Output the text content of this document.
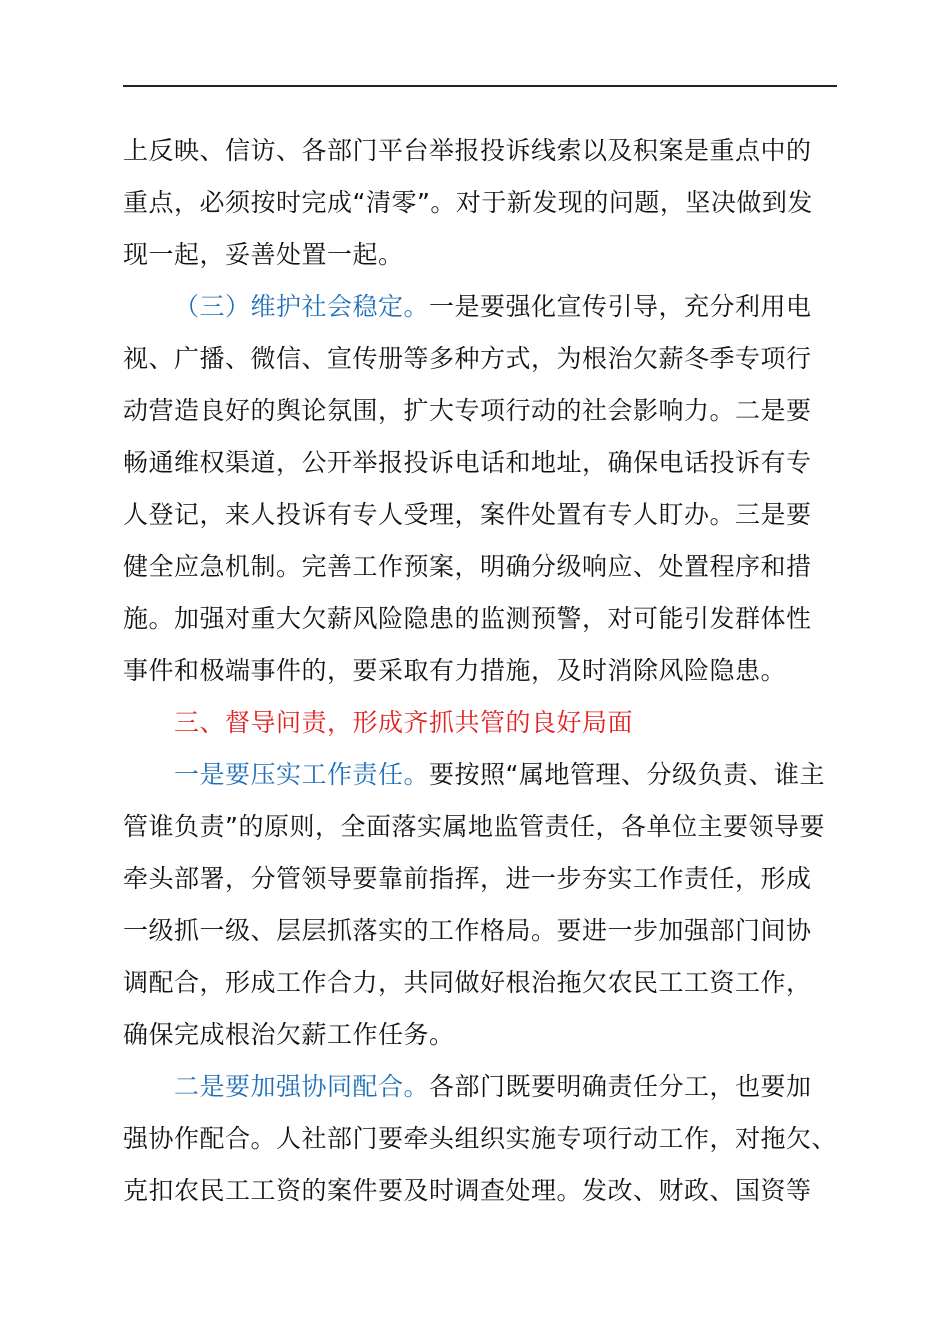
上反映、信访、各部门平台举报投诉线索以及积案是重点中的
重点，必须按时完成“清零”。对于新发现的问题，坚决做到发
现一起，妥善处置一起。
（三）维护社会稳定。一是要强化宣传引导，充分利用电
视、广播、微信、宣传册等多种方式，为根治欠薪冬季专项行
动营造良好的舆论氛围，扩大专项行动的社会影响力。二是要
畅通维权渠道，公开举报投诉电话和地址，确保电话投诉有专
人登记，来人投诉有专人受理，案件处置有专人盯办。三是要
健全应急机制。完善工作预案，明确分级响应、处置程序和措
施。加强对重大欠薪风险隐患的监测预警，对可能引发群体性
事件和极端事件的，要采取有力措施，及时消除风险隐患。
三、督导问责，形成齐抓共管的良好局面
一是要压实工作责任。要按照“属地管理、分级负责、谁主
管谁负责”的原则，全面落实属地监管责任，各单位主要领导要
牵头部署，分管领导要靠前指挥，进一步夯实工作责任，形成
一级抓一级、层层抓落实的工作格局。要进一步加强部门间协
调配合，形成工作合力，共同做好根治拖欠农民工工资工作，
确保完成根治欠薪工作任务。
二是要加强协同配合。各部门既要明确责任分工，也要加
强协作配合。人社部门要牵头组织实施专项行动工作，对拖欠、
克扣农民工工资的案件要及时调查处理。发改、财政、国资等
